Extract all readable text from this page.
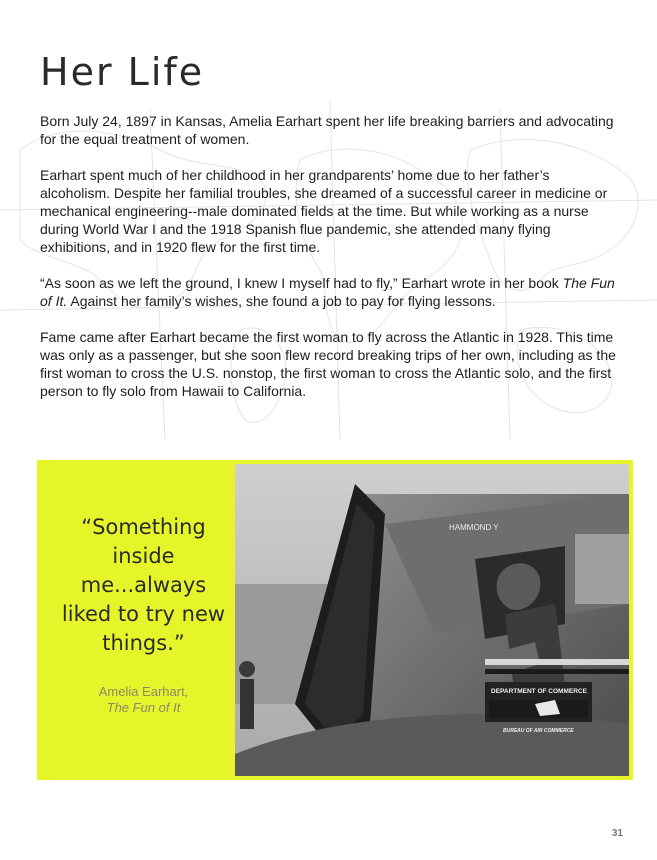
Her Life

Born July 24, 1897 in Kansas, Amelia Earhart spent her life breaking barriers and advocating for the equal treatment of women.

Earhart spent much of her childhood in her grandparents’ home due to her father’s alcoholism. Despite her familial troubles, she dreamed of a successful career in medicine or mechanical engineering--male dominated fields at the time. But while working as a nurse during World War I and the 1918 Spanish flue pandemic, she attended many flying exhibitions, and in 1920 flew for the first time.

“As soon as we left the ground, I knew I myself had to fly,” Earhart wrote in her book The Fun of It. Against her family’s wishes, she found a job to pay for flying lessons.

Fame came after Earhart became the first woman to fly across the Atlantic in 1928. This time was only as a passenger, but she soon flew record breaking trips of her own, including as the first woman to cross the U.S. nonstop, the first woman to cross the Atlantic solo, and the first person to fly solo from Hawaii to California.

“Something inside me...always liked to try new things.”
Amelia Earhart,
The Fun of It
HAMMOND Y
DEPARTMENT OF COMMERCE
BUREAU OF AIR COMMERCE
31
